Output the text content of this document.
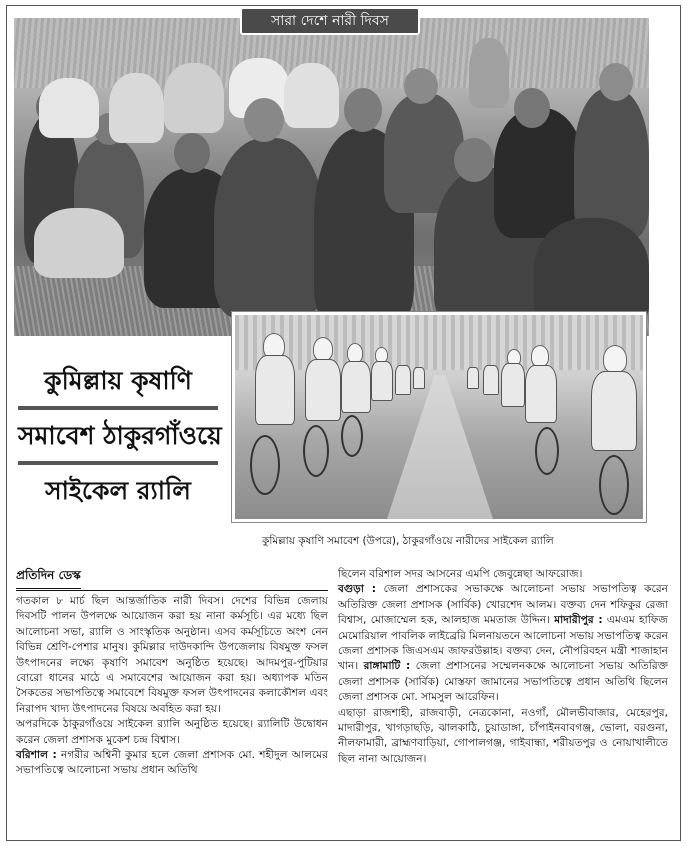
সারা দেশে নারী দিবস
কুমিল্লায় কৃষাণি সমাবেশ (উপরে), ঠাকুরগাঁওয়ে নারীদের সাইকেল র‍্যালি
কুমিল্লায় কৃষাণি
সমাবেশ ঠাকুরগাঁওয়ে
সাইকেল র‍্যালি
প্রতিদিন ডেস্ক
গতকাল ৮ মার্চ ছিল আন্তর্জাতিক নারী দিবস। দেশের বিভিন্ন জেলায় দিবসটি পালন উপলক্ষে আয়োজন করা হয় নানা কর্মসূচি। এর মধ্যে ছিল আলোচনা সভা, র‍্যালি ও সাংস্কৃতিক অনুষ্ঠান। এসব কর্মসূচিতে অংশ নেন বিভিন্ন শ্রেণি-পেশার মানুষ। কুমিল্লার দাউদকান্দি উপজেলায় বিষমুক্ত ফসল উৎপাদনের লক্ষ্যে কৃষাণি সমাবেশ অনুষ্ঠিত হয়েছে। আদমপুর-পুটিয়ার বোরো ধানের মাঠে এ সমাবেশের আয়োজন করা হয়। অধ্যাপক মতিন সৈকতের সভাপতিত্বে সমাবেশে বিষমুক্ত ফসল উৎপাদনের কলাকৌশল এবং নিরাপদ খাদ্য উৎপাদনের বিষয়ে অবহিত করা হয়।
অপরদিকে ঠাকুরগাঁওয়ে সাইকেল র‍্যালি অনুষ্ঠিত হয়েছে। র‍্যালিটি উদ্বোধন করেন জেলা প্রশাসক মুকেশ চন্দ্র বিশ্বাস।
বরিশাল : নগরীর অশ্বিনী কুমার হলে জেলা প্রশাসক মো. শহীদুল আলমের সভাপতিত্বে আলোচনা সভায় প্রধান অতিথি
ছিলেন বরিশাল সদর আসনের এমপি জেবুন্নেছা আফরোজ।
বগুড়া : জেলা প্রশাসকের সভাকক্ষে আলোচনা সভায় সভাপতিত্ব করেন অতিরিক্ত জেলা প্রশাসক (সার্বিক) খোরশেদ আলম। বক্তব্য দেন শফিকুর রেজা বিশ্বাস, মোজাম্মেল হক, আলহাজ মমতাজ উদ্দিন। মাদারীপুর : এমএম হাফিজ মেমোরিয়াল পাবলিক লাইব্রেরি মিলনায়তনে আলোচনা সভায় সভাপতিত্ব করেন জেলা প্রশাসক জিএসএম জাফরউল্লাহ। বক্তব্য দেন, নৌপরিবহন মন্ত্রী শাজাহান খান। রাঙ্গামাটি : জেলা প্রশাসনের সম্মেলনকক্ষে আলোচনা সভায় অতিরিক্ত জেলা প্রশাসক (সার্বিক) মোস্তফা জামানের সভাপতিত্বে প্রধান অতিথি ছিলেন জেলা প্রশাসক মো. সামসুল আরেফিন।
এছাড়া রাজশাহী, রাজবাড়ী, নেত্রকোনা, নওগাঁ, মৌলভীবাজার, মেহেরপুর, মাদারীপুর, খাগড়াছড়ি, ঝালকাঠি, চুয়াডাঙ্গা, চাঁপাইনবাবগঞ্জ, ভোলা, বরগুনা, নীলফামারী, ব্রাহ্মণবাড়িয়া, গোপালগঞ্জ, গাইবান্ধা, শরীয়তপুর ও নোয়াখালীতে ছিল নানা আয়োজন।
